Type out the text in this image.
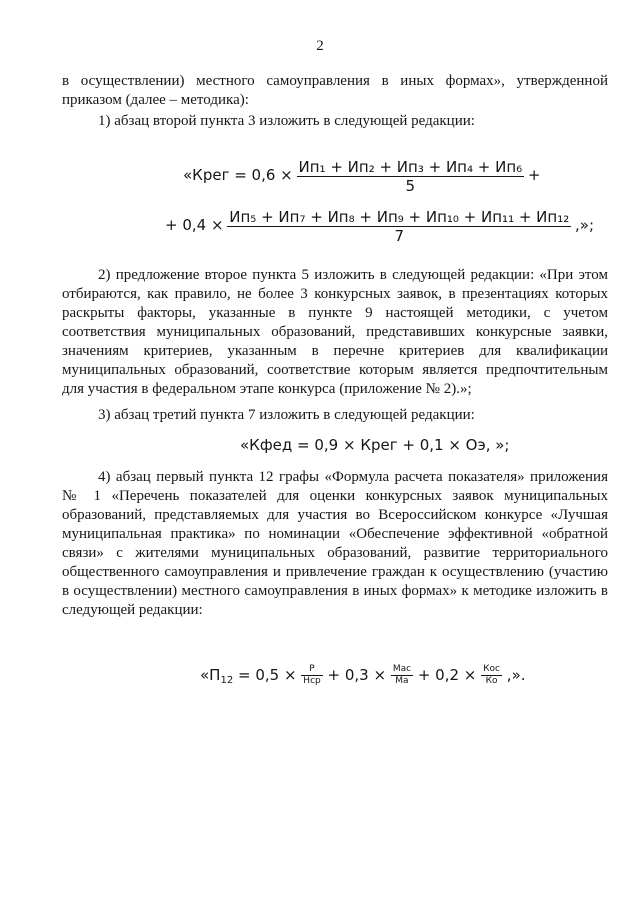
2
в осуществлении) местного самоуправления в иных формах», утвержденной приказом (далее – методика):
1) абзац второй пункта 3 изложить в следующей редакции:
«Крег = $0,6 \times \frac{\text{Ип₁ + Ип₂ + Ип₃ + Ип₄ + Ип₆}}{5}$ +
+ $0,4 \times \frac{\text{Ип₅ + Ип₇ + Ип₈ + Ип₉ + Ип₁₀ + Ип₁₁ + Ип₁₂}}{7}$ ,»;
2) предложение второе пункта 5 изложить в следующей редакции: «При этом отбираются, как правило, не более 3 конкурсных заявок, в презентациях которых раскрыты факторы, указанные в пункте 9 настоящей методики, с учетом соответствия муниципальных образований, представивших конкурсные заявки, значениям критериев, указанным в перечне критериев для квалификации муниципальных образований, соответствие которым является предпочтительным для участия в федеральном этапе конкурса (приложение № 2).»;
3) абзац третий пункта 7 изложить в следующей редакции:
«Кфед = 0,9 × Крег + 0,1 × Оэ, »;
4) абзац первый пункта 12 графы «Формула расчета показателя» приложения № 1 «Перечень показателей для оценки конкурсных заявок муниципальных образований, представляемых для участия во Всероссийском конкурсе «Лучшая муниципальная практика» по номинации «Обеспечение эффективной «обратной связи» с жителями муниципальных образований, развитие территориального общественного самоуправления и привлечение граждан к осуществлению (участию в осуществлении) местного самоуправления в иных формах» к методике изложить в следующей редакции:
«$П_{12} = 0,5 \times \frac{Р}{\text{Нср}} + 0,3 \times \frac{\text{Мас}}{Ма} + 0,2 \times \frac{\text{Кос}}{Ко}$ ,».
